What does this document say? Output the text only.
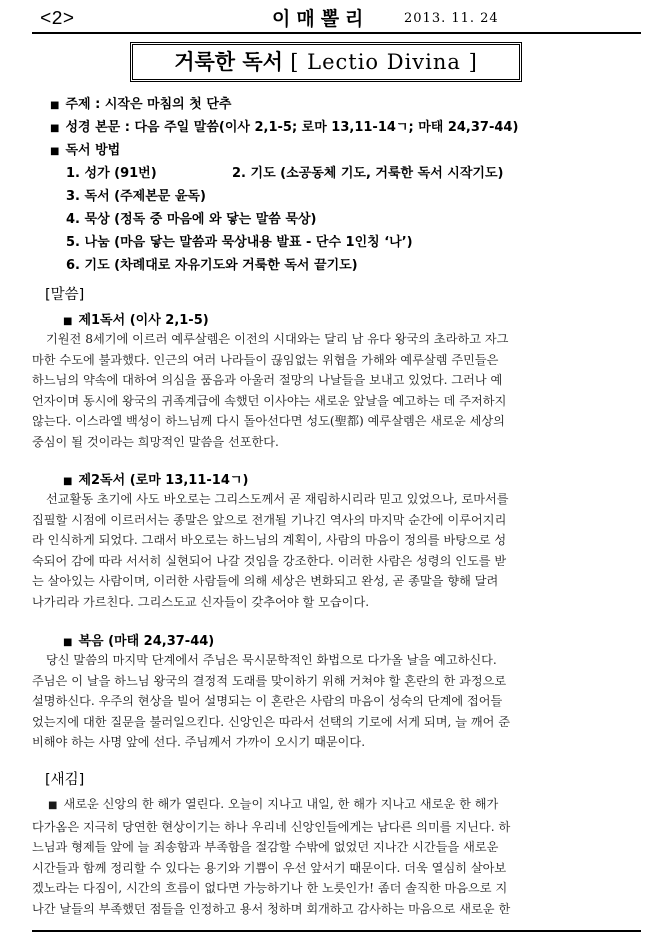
<2>	이매뽈리	2013. 11. 24
거룩한 독서 [ Lectio Divina ]
■ 주제 : 시작은 마침의 첫 단추
■ 성경 본문 : 다음 주일 말씀(이사 2,1-5; 로마 13,11-14ㄱ; 마태 24,37-44)
■ 독서 방법
1. 성가 (91번)	2. 기도 (소공동체 기도, 거룩한 독서 시작기도)
3. 독서 (주제본문 윤독)
4. 묵상 (정독 중 마음에 와 닿는 말씀 묵상)
5. 나눔 (마음 닿는 말씀과 묵상내용 발표 - 단수 1인칭 ‘나’)
6. 기도 (차례대로 자유기도와 거룩한 독서 끝기도)
[말씀]
■ 제1독서 (이사 2,1-5)
기원전 8세기에 이르러 예루살렘은 이전의 시대와는 달리 남 유다 왕국의 초라하고 자그
마한 수도에 불과했다. 인근의 여러 나라들이 끊임없는 위협을 가해와 예루살렘 주민들은
하느님의 약속에 대하여 의심을 품음과 아울러 절망의 나날들을 보내고 있었다. 그러나 예
언자이며 동시에 왕국의 귀족계급에 속했던 이사야는 새로운 앞날을 예고하는 데 주저하지
않는다. 이스라엘 백성이 하느님께 다시 돌아선다면 성도(聖都) 예루살렘은 새로운 세상의
중심이 될 것이라는 희망적인 말씀을 선포한다.
■ 제2독서 (로마 13,11-14ㄱ)
선교활동 초기에 사도 바오로는 그리스도께서 곧 재림하시리라 믿고 있었으나, 로마서를
집필할 시점에 이르러서는 종말은 앞으로 전개될 기나긴 역사의 마지막 순간에 이루어지리
라 인식하게 되었다. 그래서 바오로는 하느님의 계획이, 사람의 마음이 정의를 바탕으로 성
숙되어 감에 따라 서서히 실현되어 나갈 것임을 강조한다. 이러한 사람은 성령의 인도를 받
는 살아있는 사람이며, 이러한 사람들에 의해 세상은 변화되고 완성, 곧 종말을 향해 달려
나가리라 가르친다. 그리스도교 신자들이 갖추어야 할 모습이다.
■ 복음 (마태 24,37-44)
당신 말씀의 마지막 단계에서 주님은 묵시문학적인 화법으로 다가올 날을 예고하신다.
주님은 이 날을 하느님 왕국의 결정적 도래를 맞이하기 위해 거쳐야 할 혼란의 한 과정으로
설명하신다. 우주의 현상을 빌어 설명되는 이 혼란은 사람의 마음이 성숙의 단계에 접어들
었는지에 대한 질문을 불러일으킨다. 신앙인은 따라서 선택의 기로에 서게 되며, 늘 깨어 준
비해야 하는 사명 앞에 선다. 주님께서 가까이 오시기 때문이다.
[새김]
■ 새로운 신앙의 한 해가 열린다. 오늘이 지나고 내일, 한 해가 지나고 새로운 한 해가
다가옴은 지극히 당연한 현상이기는 하나 우리네 신앙인들에게는 남다른 의미를 지닌다. 하
느님과 형제들 앞에 늘 죄송함과 부족함을 절감할 수밖에 없었던 지나간 시간들을 새로운
시간들과 함께 정리할 수 있다는 용기와 기쁨이 우선 앞서기 때문이다. 더욱 열심히 살아보
겠노라는 다짐이, 시간의 흐름이 없다면 가능하기나 한 노릇인가! 좀더 솔직한 마음으로 지
나간 날들의 부족했던 점들을 인정하고 용서 청하며 회개하고 감사하는 마음으로 새로운 한
